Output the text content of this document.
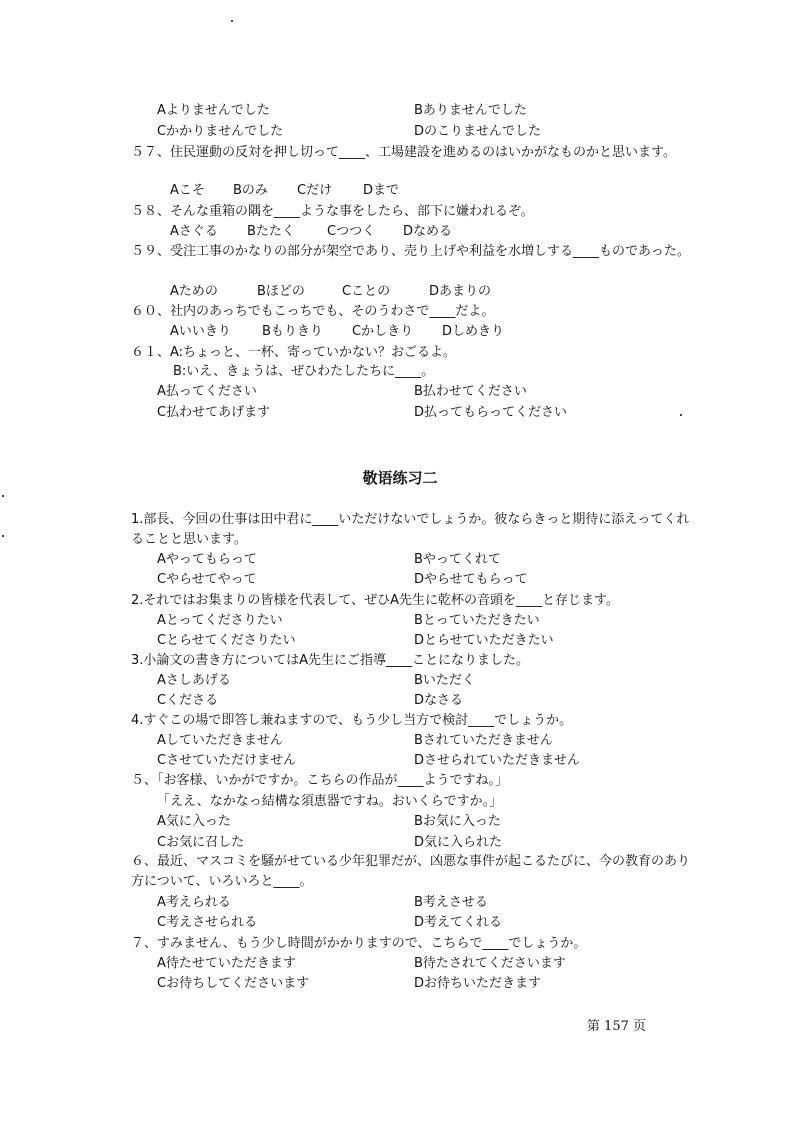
Aよりませんでした	Bありませんでした
Cかかりませんでした	Dのこりませんでした
５７、住民運動の反対を押し切って____、工場建設を進めるのはいかがなものかと思います。
Aこそ Bのみ Cだけ Dまで
５８、そんな重箱の隅を____ような事をしたら、部下に嫌われるぞ。
Aさぐる Bたたく Cつつく Dなめる
５９、受注工事のかなりの部分が架空であり、売り上げや利益を水増しする____ものであった。
Aための	Bほどの	Cことの	Dあまりの
６０、社内のあっちでもこっちでも、そのうわさで____だよ。
Aいいきり Bもりきり Cかしきり Dしめきり
６１、A:ちょっと、一杯、寄っていかない？おごるよ。
B:いえ、きょうは、ぜひわたしたちに____。
A払ってください	B払わせてください
C払わせてあげます	D払ってもらってください
敬语练习二
1.部長、今回の仕事は田中君に____いただけないでしょうか。彼ならきっと期待に添えってくれることと思います。
Aやってもらって	Bやってくれて
Cやらせてやって	Dやらせてもらって
2.それではお集まりの皆様を代表して、ぜひA先生に乾杯の音頭を____と存じます。
Aとってくださりたい	Bとっていただきたい
Cとらせてくださりたい	Dとらせていただきたい
3.小論文の書き方についてはA先生にご指導____ことになりました。
Aさしあげる	Bいただく
Cくださる	Dなさる
4.すぐこの場で即答し兼ねますので、もう少し当方で検討____でしょうか。
Aしていただきません	Bされていただきません
Cさせていただけません	Dさせられていただきません
５、「お客様、いかがですか。こちらの作品が____ようですね。」
「ええ、なかなっ結構な須恵器ですね。おいくらですか。」
A気に入った	Bお気に入った
Cお気に召した	D気に入られた
６、最近、マスコミを騒がせている少年犯罪だが、凶悪な事件が起こるたびに、今の教育のあり方について、いろいろと____。
A考えられる	B考えさせる
C考えさせられる	D考えてくれる
７、すみません、もう少し時間がかかりますので、こちらで____でしょうか。
A待たせていただきます	B待たされてくださいます
Cお待ちしてくださいます	Dお待ちいただきます
第 157 页
